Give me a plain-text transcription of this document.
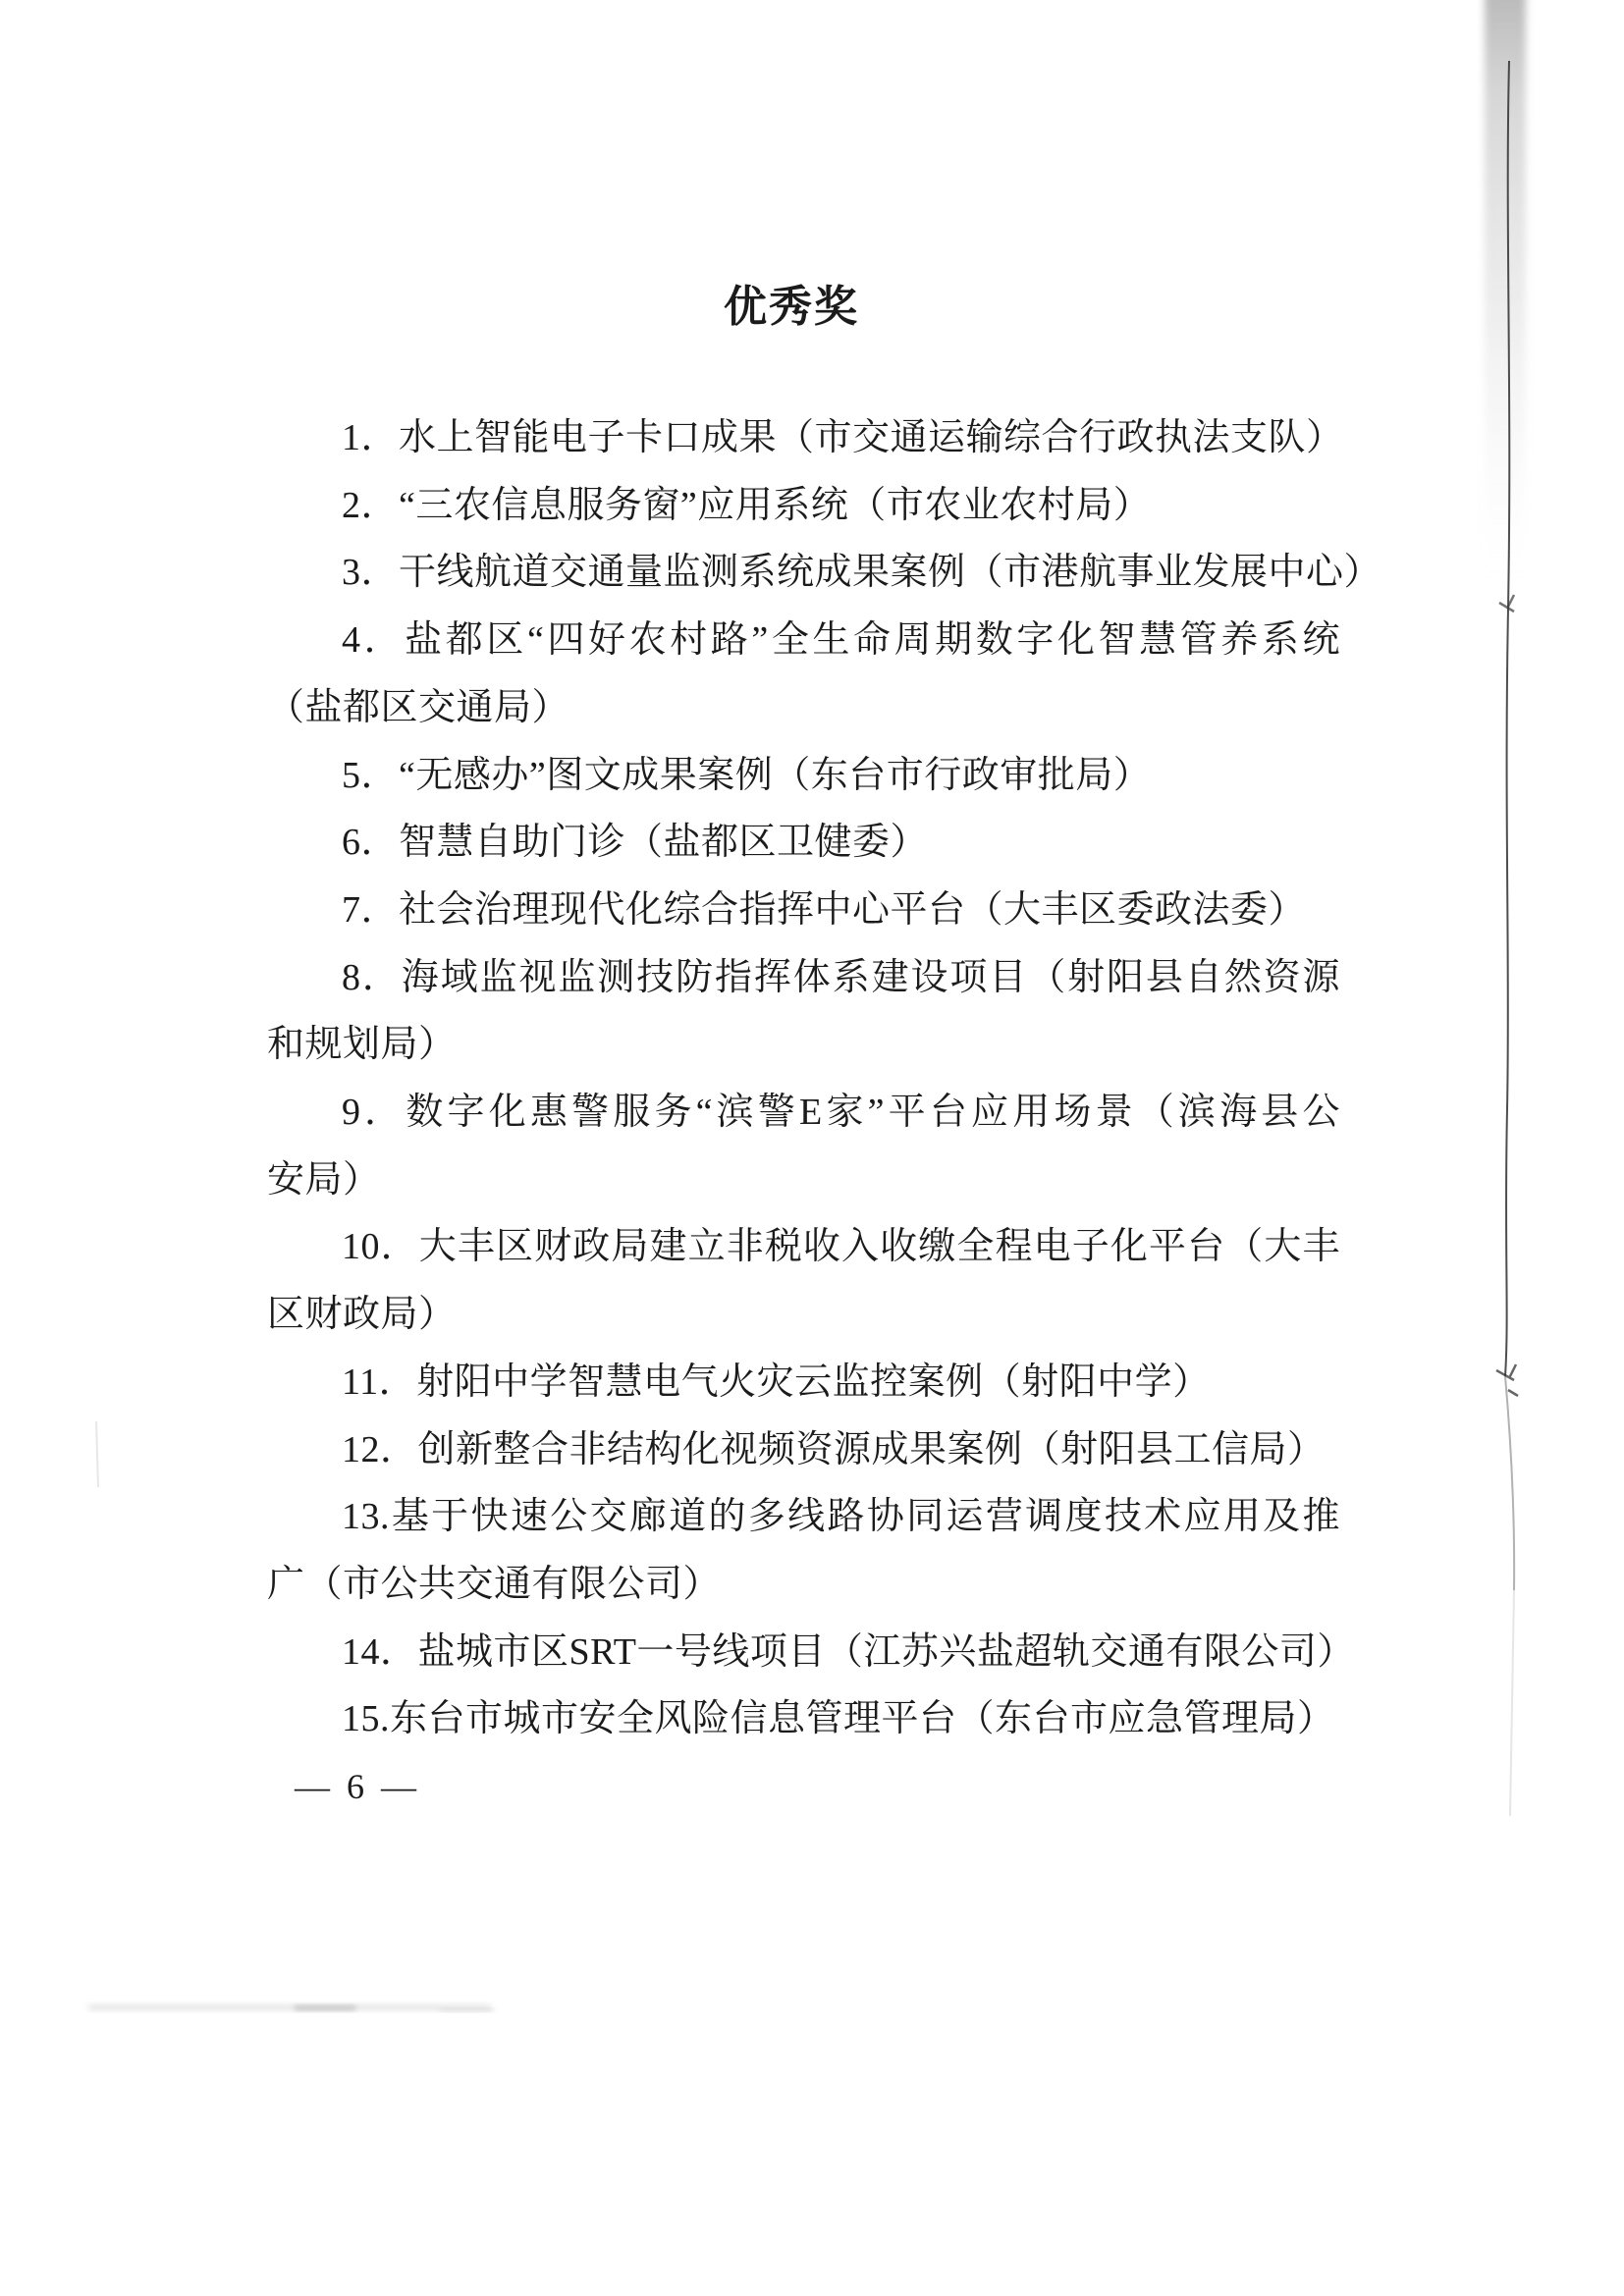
优秀奖
1．水上智能电子卡口成果（市交通运输综合行政执法支队）
2．“三农信息服务窗”应用系统（市农业农村局）
3．干线航道交通量监测系统成果案例（市港航事业发展中心）
4．盐都区“四好农村路”全生命周期数字化智慧管养系统
（盐都区交通局）
5．“无感办”图文成果案例（东台市行政审批局）
6．智慧自助门诊（盐都区卫健委）
7．社会治理现代化综合指挥中心平台（大丰区委政法委）
8．海域监视监测技防指挥体系建设项目（射阳县自然资源
和规划局）
9．数字化惠警服务“滨警E家”平台应用场景（滨海县公
安局）
10．大丰区财政局建立非税收入收缴全程电子化平台（大丰
区财政局）
11．射阳中学智慧电气火灾云监控案例（射阳中学）
12．创新整合非结构化视频资源成果案例（射阳县工信局）
13.基于快速公交廊道的多线路协同运营调度技术应用及推
广（市公共交通有限公司）
14．盐城市区SRT一号线项目（江苏兴盐超轨交通有限公司）
15.东台市城市安全风险信息管理平台（东台市应急管理局）
— 6 —
